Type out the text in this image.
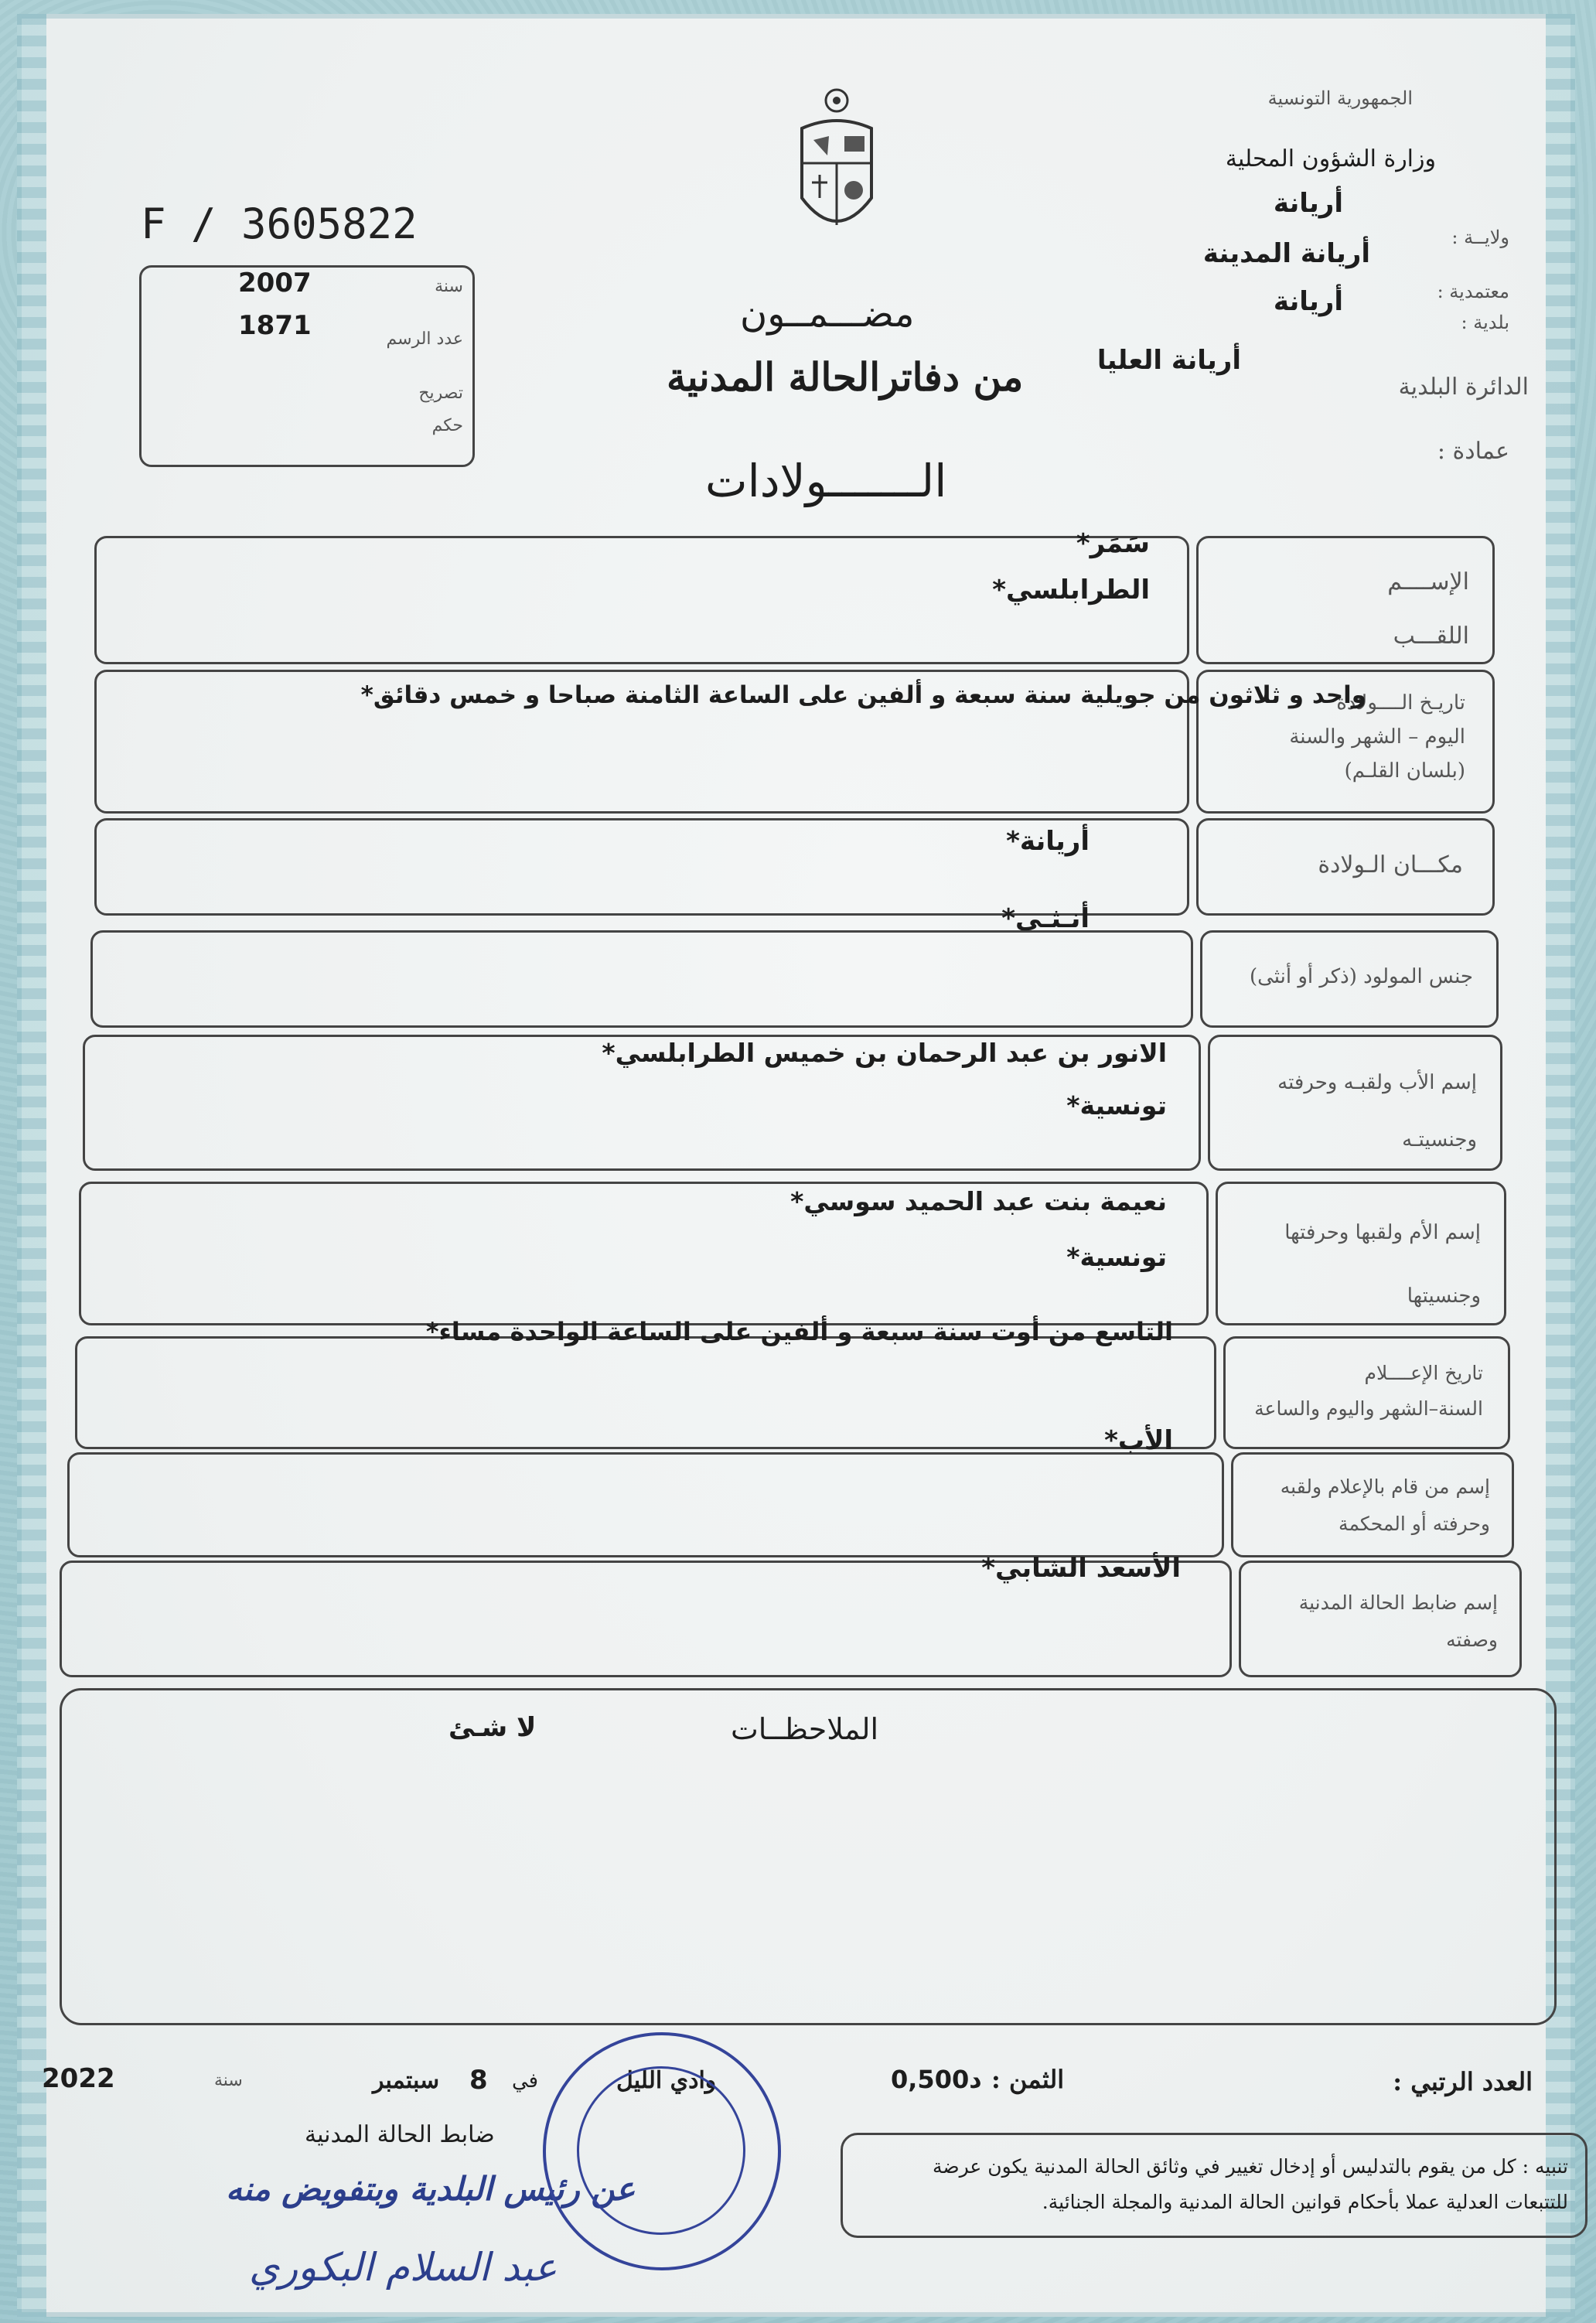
الجمهورية التونسية
وزارة الشؤون المحلية
ولايــة :
أريانة
معتمدية :
أريانة المدينة
بلدية :
أريانة
الدائرة البلدية
أريانة العليا
عمادة :
مضـــمــون
من دفاترالحالة المدنية
الـــــــولادات
F / 3605822
2007	سنة
1871	عدد الرسم
تصريح
حكم
الإســــم
اللقـــب
سَمَر*
الطرابلسي*
تاريـخ الــــولادة
اليوم – الشهر والسنة
(بلسان القلـم)
واحد و ثلاثون من جويلية سنة سبعة و ألفين على الساعة الثامنة صباحا و خمس دقائق*
مكـــان الـولادة
أريانة*
جنس المولود (ذكر أو أنثى)
أنـثـى*
إسم الأب ولقبـه وحرفته
وجنسيتـه
الانور بن عبد الرحمان بن خميس الطرابلسي*
تونسية*
إسم الأم ولقبها وحرفتها
وجنسيتها
نعيمة بنت عبد الحميد سوسي*
تونسية*
تاريخ الإعــــلام
السنة–الشهر واليوم والساعة
التاسع من أوت سنة سبعة و ألفين على الساعة الواحدة مساء*
إسم من قام بالإعلام ولقبه
وحرفته أو المحكمة
الأب*
إسم ضابط الحالة المدنية
وصفته
الأسعد الشابي*
الملاحظــات
لا شـئ
العدد الرتبي :
الثمن :
0,500د
وادي الليل
في
8
سبتمبر
سنة
2022
ضابط الحالة المدنية
عن رئيس البلدية وبتفويض منه
عبد السلام البكوري
تنبيه : كل من يقوم بالتدليس أو إدخال تغيير في وثائق الحالة المدنية يكون عرضة
للتتبعات العدلية عملا بأحكام قوانين الحالة المدنية والمجلة الجنائية.
